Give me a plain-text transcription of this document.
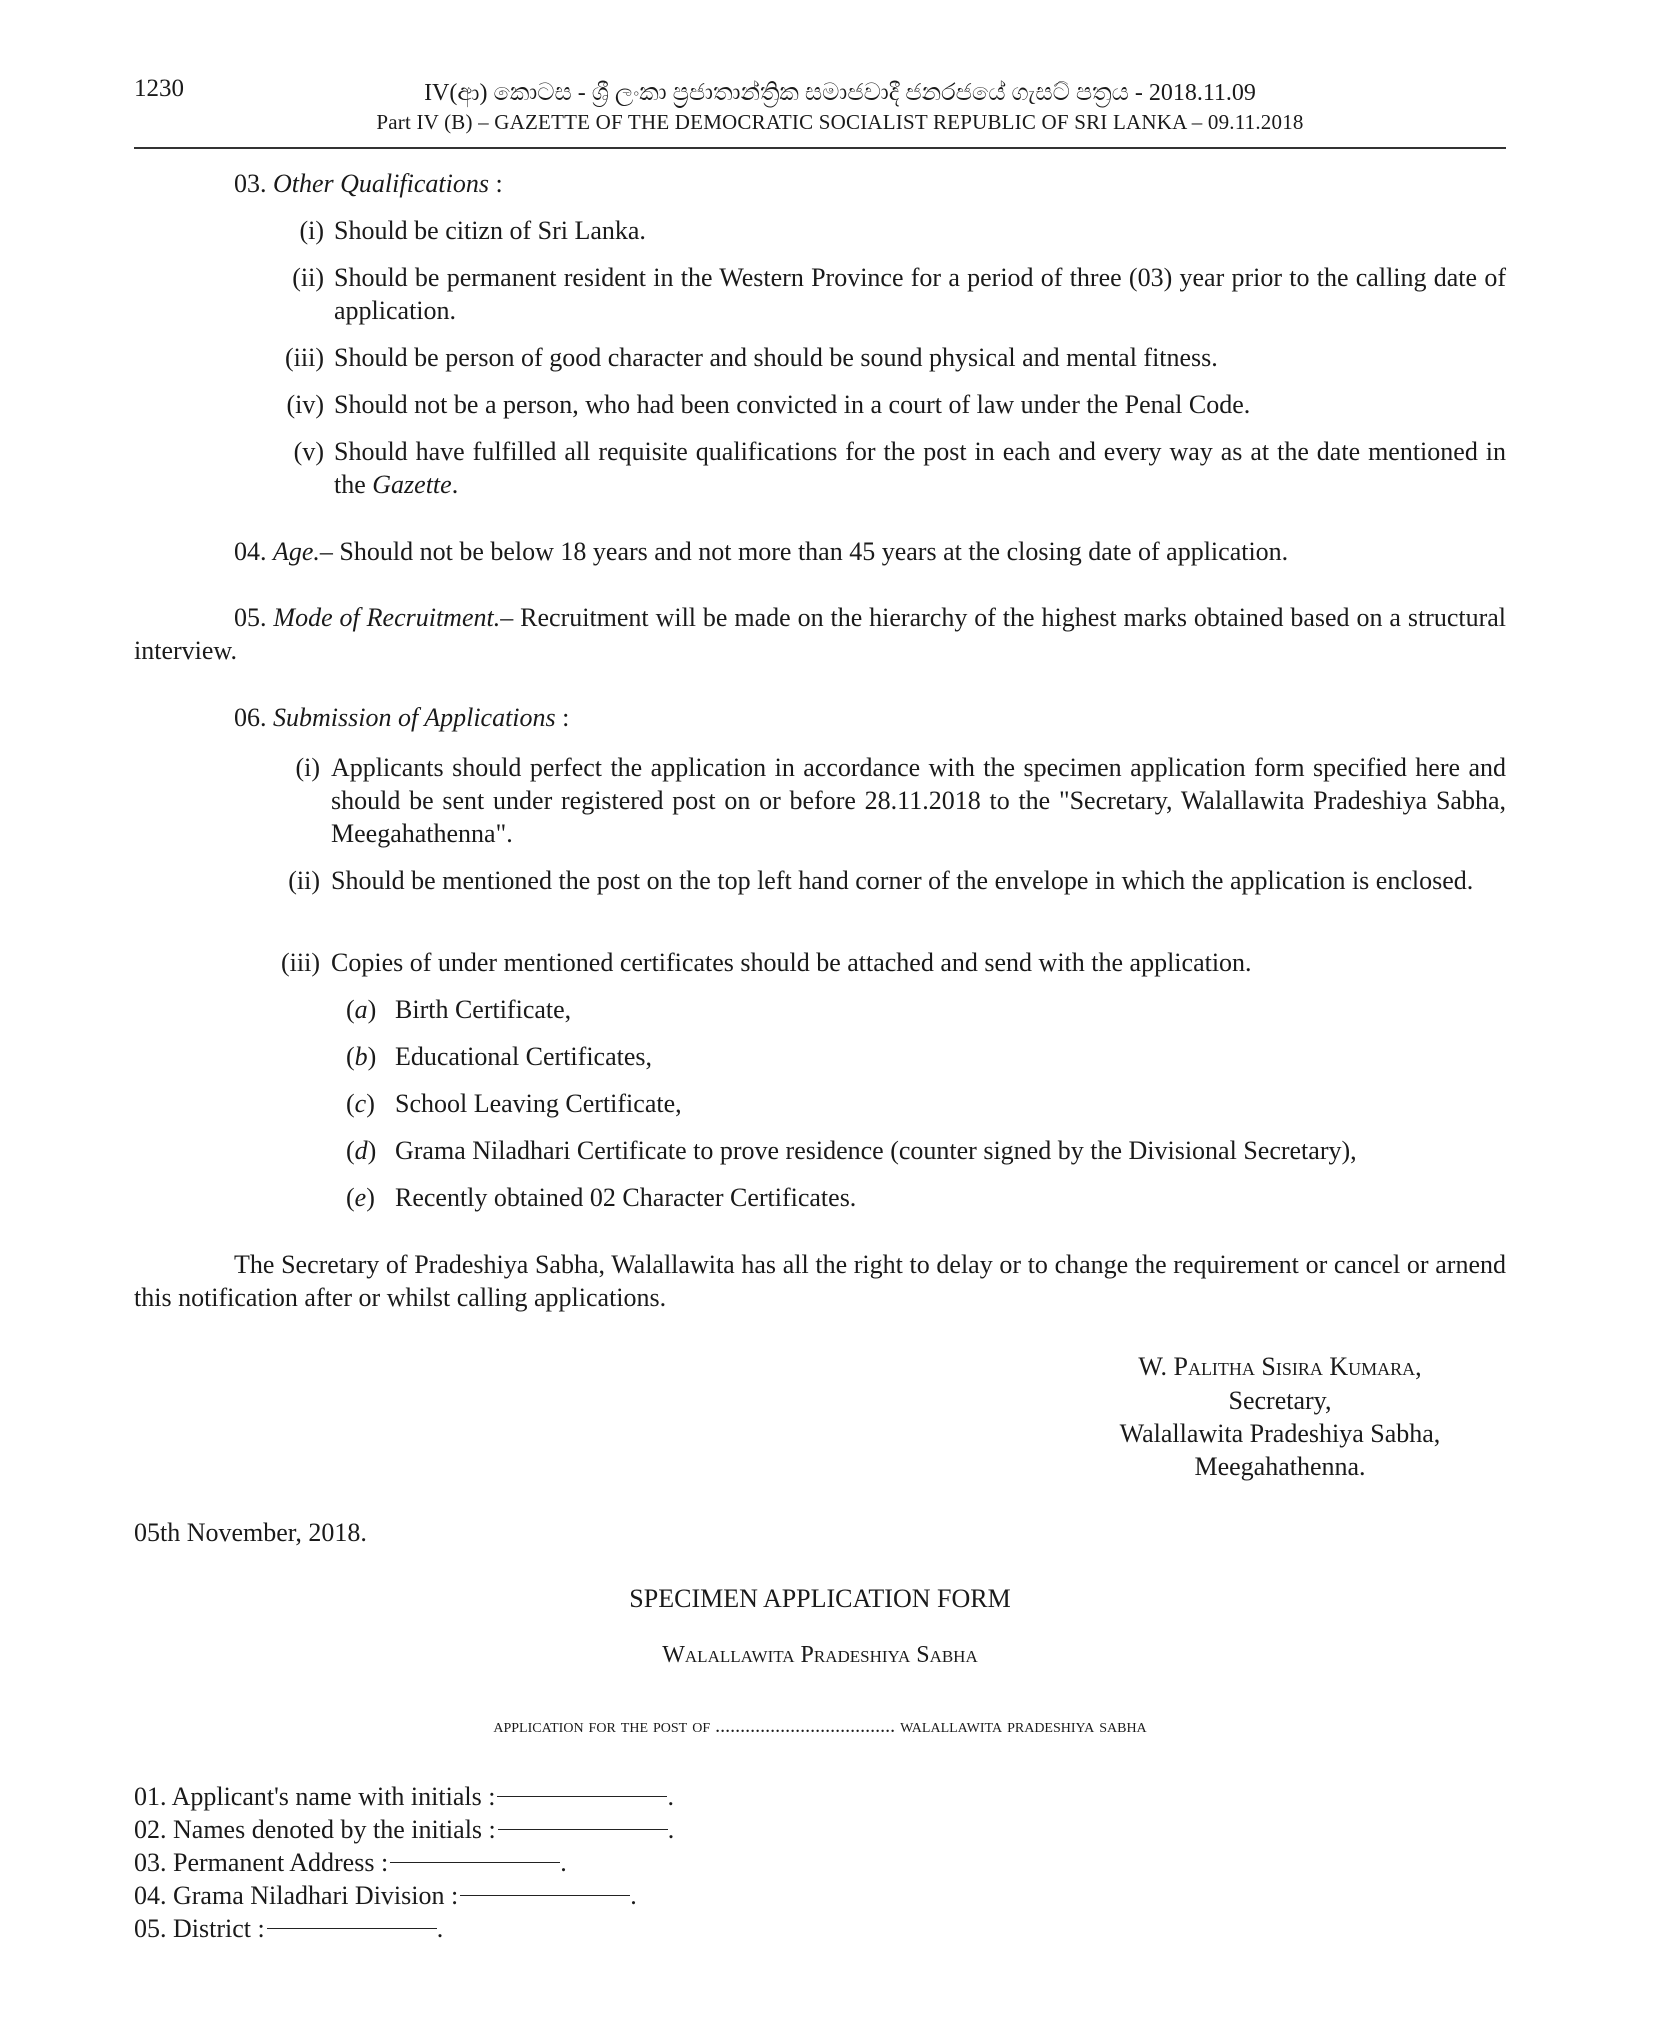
1230	IV(ආ) කොටස - ශ්‍රී ලංකා ප්‍රජාතාන්ත්‍රික සමාජවාදී ජනරජයේ ගැසට් පත්‍රය - 2018.11.09
Part IV (B) – GAZETTE OF THE DEMOCRATIC SOCIALIST REPUBLIC OF SRI LANKA – 09.11.2018
03. Other Qualifications :
(i) Should be citizn of Sri Lanka.
(ii) Should be permanent resident in the Western Province for a period of three (03) year prior to the calling date of application.
(iii) Should be person of good character and should be sound physical and mental fitness.
(iv) Should not be a person, who had been convicted in a court of law under the Penal Code.
(v) Should have fulfilled all requisite qualifications for the post in each and every way as at the date mentioned in the Gazette.
04. Age.– Should not be below 18 years and not more than 45 years at the closing date of application.
05. Mode of Recruitment.– Recruitment will be made on the hierarchy of the highest marks obtained based on a structural interview.
06. Submission of Applications :
(i) Applicants should perfect the application in accordance with the specimen application form specified here and should be sent under registered post on or before 28.11.2018 to the "Secretary, Walallawita Pradeshiya Sabha, Meegahathenna".
(ii) Should be mentioned the post on the top left hand corner of the envelope in which the application is enclosed.
(iii) Copies of under mentioned certificates should be attached and send with the application.
(a) Birth Certificate,
(b) Educational Certificates,
(c) School Leaving Certificate,
(d) Grama Niladhari Certificate to prove residence (counter signed by the Divisional Secretary),
(e) Recently obtained 02 Character Certificates.
The Secretary of Pradeshiya Sabha, Walallawita has all the right to delay or to change the requirement or cancel or arnend this notification after or whilst calling applications.
W. Palitha Sisira Kumara,
Secretary,
Walallawita Pradeshiya Sabha,
Meegahathenna.
05th November, 2018.
SPECIMEN APPLICATION FORM
Walallawita Pradeshiya Sabha
application for the post of .................................... walallawita pradeshiya sabha
01. Applicant's name with initials :	.
02. Names denoted by the initials :	.
03. Permanent Address :	.
04. Grama Niladhari Division :	.
05. District :	.
